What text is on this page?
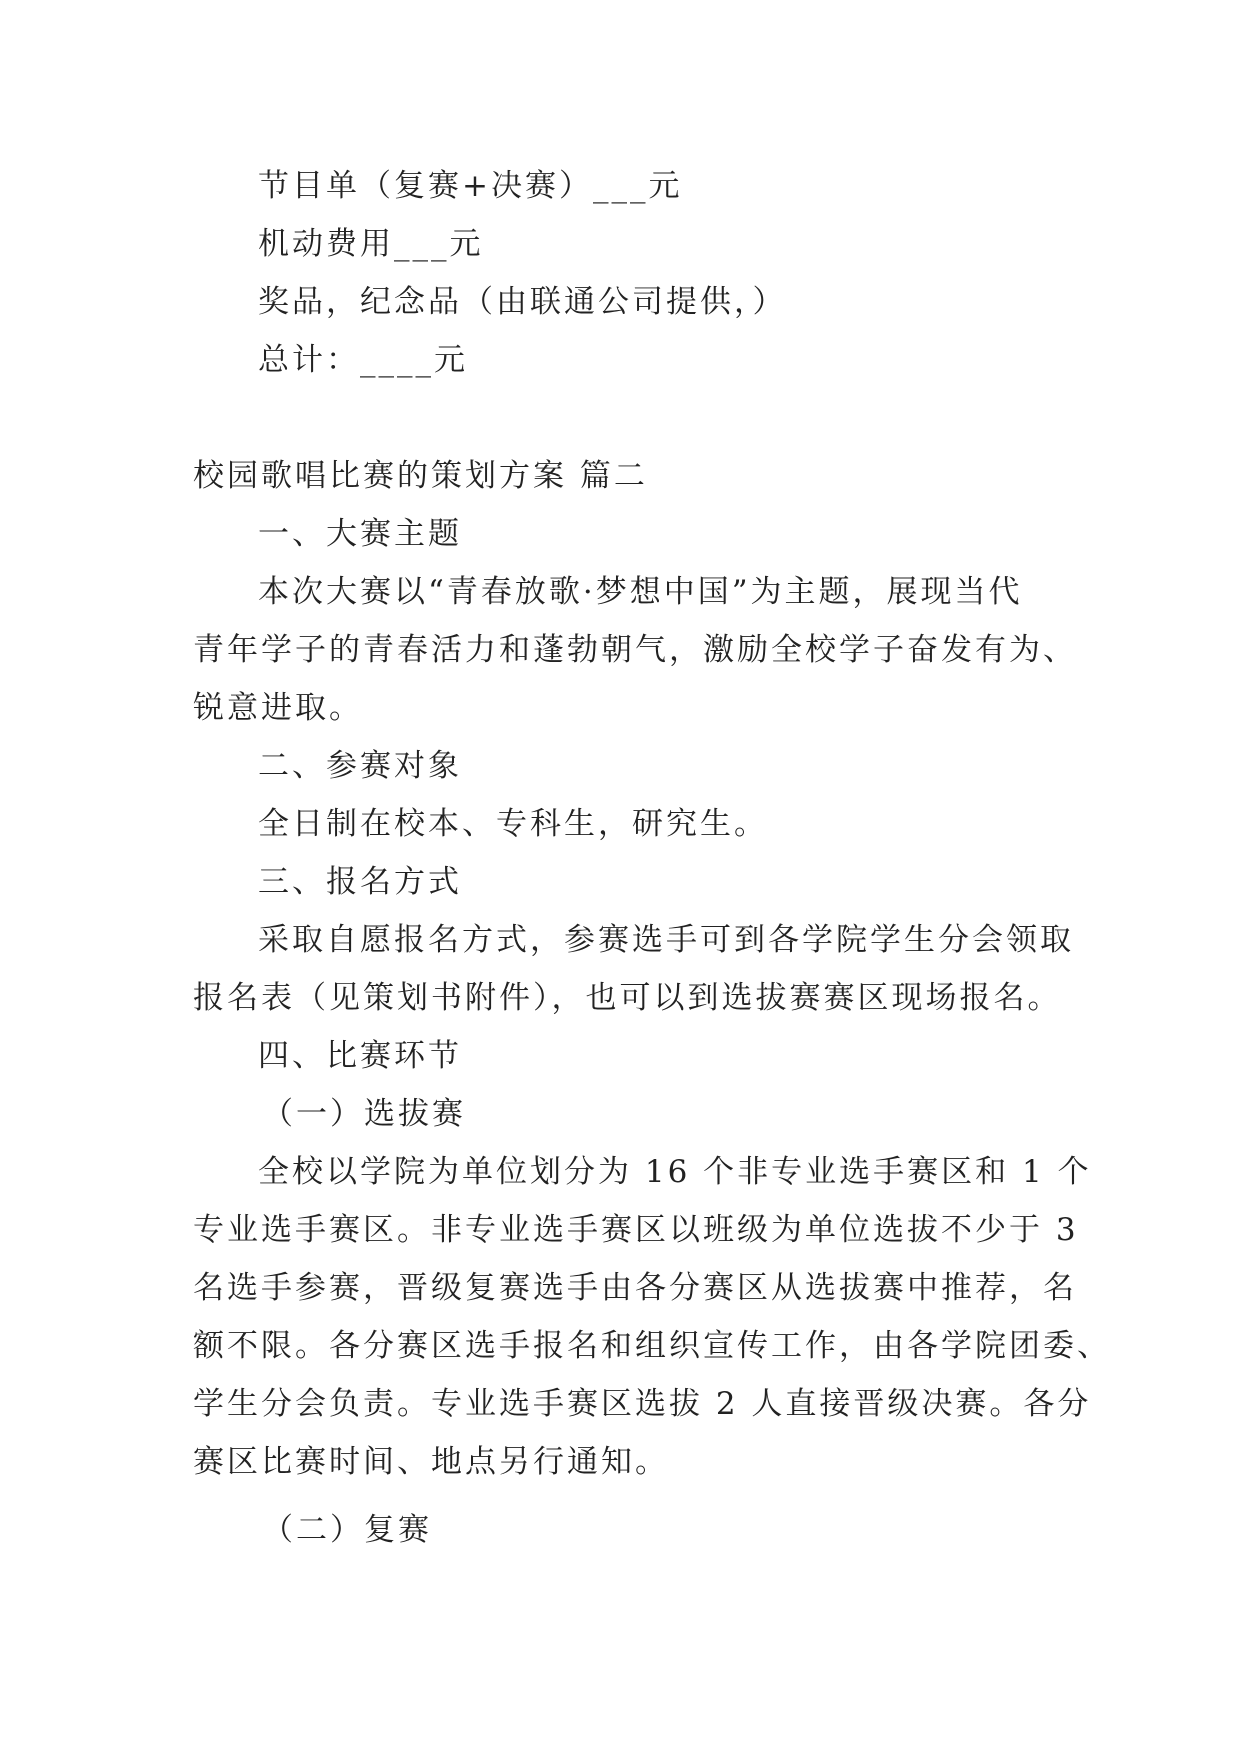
节目单（复赛+决赛）___元

机动费用___元

奖品，纪念品（由联通公司提供，）

总计：____元

校园歌唱比赛的策划方案 篇二

一、大赛主题

本次大赛以“青春放歌·梦想中国”为主题，展现当代

青年学子的青春活力和蓬勃朝气，激励全校学子奋发有为、

锐意进取。

二、参赛对象

全日制在校本、专科生，研究生。

三、报名方式

采取自愿报名方式，参赛选手可到各学院学生分会领取

报名表（见策划书附件），也可以到选拔赛赛区现场报名。

四、比赛环节

（一）选拔赛

全校以学院为单位划分为 16 个非专业选手赛区和 1 个

专业选手赛区。非专业选手赛区以班级为单位选拔不少于 3

名选手参赛，晋级复赛选手由各分赛区从选拔赛中推荐，名

额不限。各分赛区选手报名和组织宣传工作，由各学院团委、

学生分会负责。专业选手赛区选拔 2 人直接晋级决赛。各分

赛区比赛时间、地点另行通知。

（二）复赛
